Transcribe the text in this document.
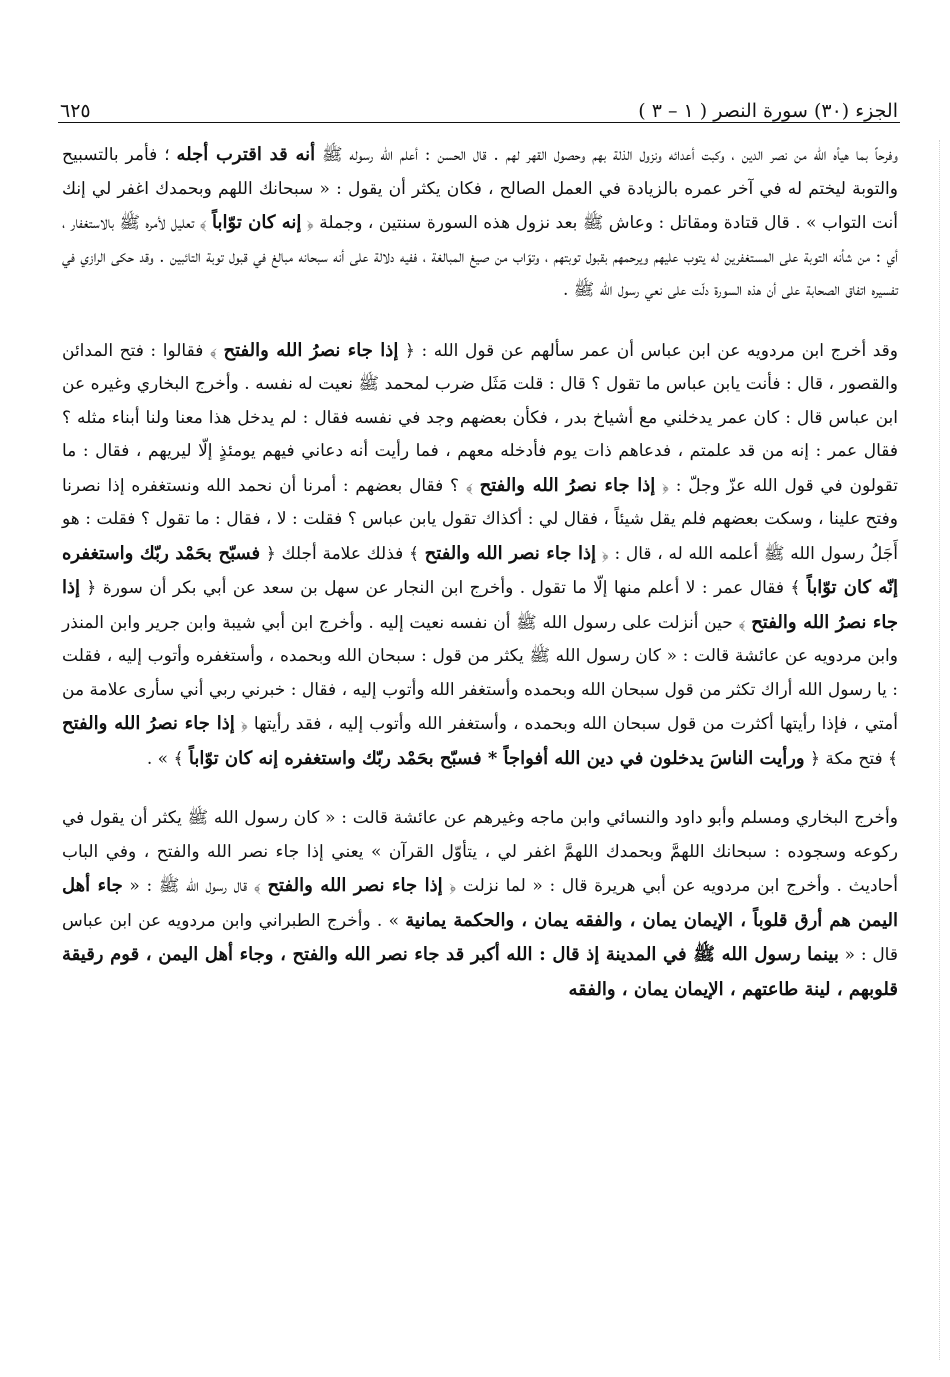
الجزء (٣٠) سورة النصر ( ١ – ٣ )
٦٢٥

وفرحاً بما هيأه الله من نصر الدين ، وكبت أعدائه ونزول الذلة بهم وحصول القهر لهم . قال الحسن : أعلم الله رسوله ﷺ أنه قد اقترب أجله ؛ فأمر بالتسبيح والتوبة ليختم له في آخر عمره بالزيادة في العمل الصالح ، فكان يكثر أن يقول : « سبحانك اللهم وبحمدك اغفر لي إنك أنت التواب » . قال قتادة ومقاتل : وعاش ﷺ بعد نزول هذه السورة سنتين ، وجملة ﴿ إنه كان توّاباً ﴾ تعليل لأمره ﷺ بالاستغفار ، أي : من شأنه التوبة على المستغفرين له يتوب عليهم ويرحمهم بقبول توبتهم ، وتوّاب من صيغ المبالغة ، ففيه دلالة على أنه سبحانه مبالغ في قبول توبة التائبين . وقد حكى الرازي في تفسيره اتفاق الصحابة على أن هذه السورة دلّت على نعي رسول الله ﷺ .

وقد أخرج ابن مردويه عن ابن عباس أن عمر سألهم عن قول الله : ﴿ إذا جاء نصرُ الله والفتح ﴾ فقالوا : فتح المدائن والقصور ، قال : فأنت يابن عباس ما تقول ؟ قال : قلت مَثَل ضرب لمحمد ﷺ نعيت له نفسه . وأخرج البخاري وغيره عن ابن عباس قال : كان عمر يدخلني مع أشياخ بدر ، فكأن بعضهم وجد في نفسه فقال : لم يدخل هذا معنا ولنا أبناء مثله ؟ فقال عمر : إنه من قد علمتم ، فدعاهم ذات يوم فأدخله معهم ، فما رأيت أنه دعاني فيهم يومئذٍ إلّا ليريهم ، فقال : ما تقولون في قول الله عزّ وجلّ : ﴿ إذا جاء نصرُ الله والفتح ﴾ ؟ فقال بعضهم : أمرنا أن نحمد الله ونستغفره إذا نصرنا وفتح علينا ، وسكت بعضهم فلم يقل شيئاً ، فقال لي : أكذاك تقول يابن عباس ؟ فقلت : لا ، فقال : ما تقول ؟ فقلت : هو أَجَلُ رسول الله ﷺ أعلمه الله له ، قال : ﴿ إذا جاء نصر الله والفتح ﴾ فذلك علامة أجلك ﴿ فسبّح بحَمْد ربّك واستغفره إنّه كان توّاباً ﴾ فقال عمر : لا أعلم منها إلّا ما تقول . وأخرج ابن النجار عن سهل بن سعد عن أبي بكر أن سورة ﴿ إذا جاء نصرُ الله والفتح ﴾ حين أنزلت على رسول الله ﷺ أن نفسه نعيت إليه . وأخرج ابن أبي شيبة وابن جرير وابن المنذر وابن مردويه عن عائشة قالت : « كان رسول الله ﷺ يكثر من قول : سبحان الله وبحمده ، وأستغفره وأتوب إليه ، فقلت : يا رسول الله أراك تكثر من قول سبحان الله وبحمده وأستغفر الله وأتوب إليه ، فقال : خبرني ربي أني سأرى علامة من أمتي ، فإذا رأيتها أكثرت من قول سبحان الله وبحمده ، وأستغفر الله وأتوب إليه ، فقد رأيتها ﴿ إذا جاء نصرُ الله والفتح ﴾ فتح مكة ﴿ ورأيت الناسَ يدخلون في دين الله أفواجاً * فسبّح بحَمْد ربّك واستغفره إنه كان توّاباً ﴾ » .

وأخرج البخاري ومسلم وأبو داود والنسائي وابن ماجه وغيرهم عن عائشة قالت : « كان رسول الله ﷺ يكثر أن يقول في ركوعه وسجوده : سبحانك اللهمَّ وبحمدك اللهمَّ اغفر لي ، يتأوّل القرآن » يعني إذا جاء نصر الله والفتح ، وفي الباب أحاديث . وأخرج ابن مردويه عن أبي هريرة قال : « لما نزلت ﴿ إذا جاء نصر الله والفتح ﴾ قال رسول الله ﷺ : « جاء أهل اليمن هم أرق قلوباً ، الإيمان يمان ، والفقه يمان ، والحكمة يمانية » . وأخرج الطبراني وابن مردويه عن ابن عباس قال : « بينما رسول الله ﷺ في المدينة إذ قال : الله أكبر قد جاء نصر الله والفتح ، وجاء أهل اليمن ، قوم رقيقة قلوبهم ، لينة طاعتهم ، الإيمان يمان ، والفقه
